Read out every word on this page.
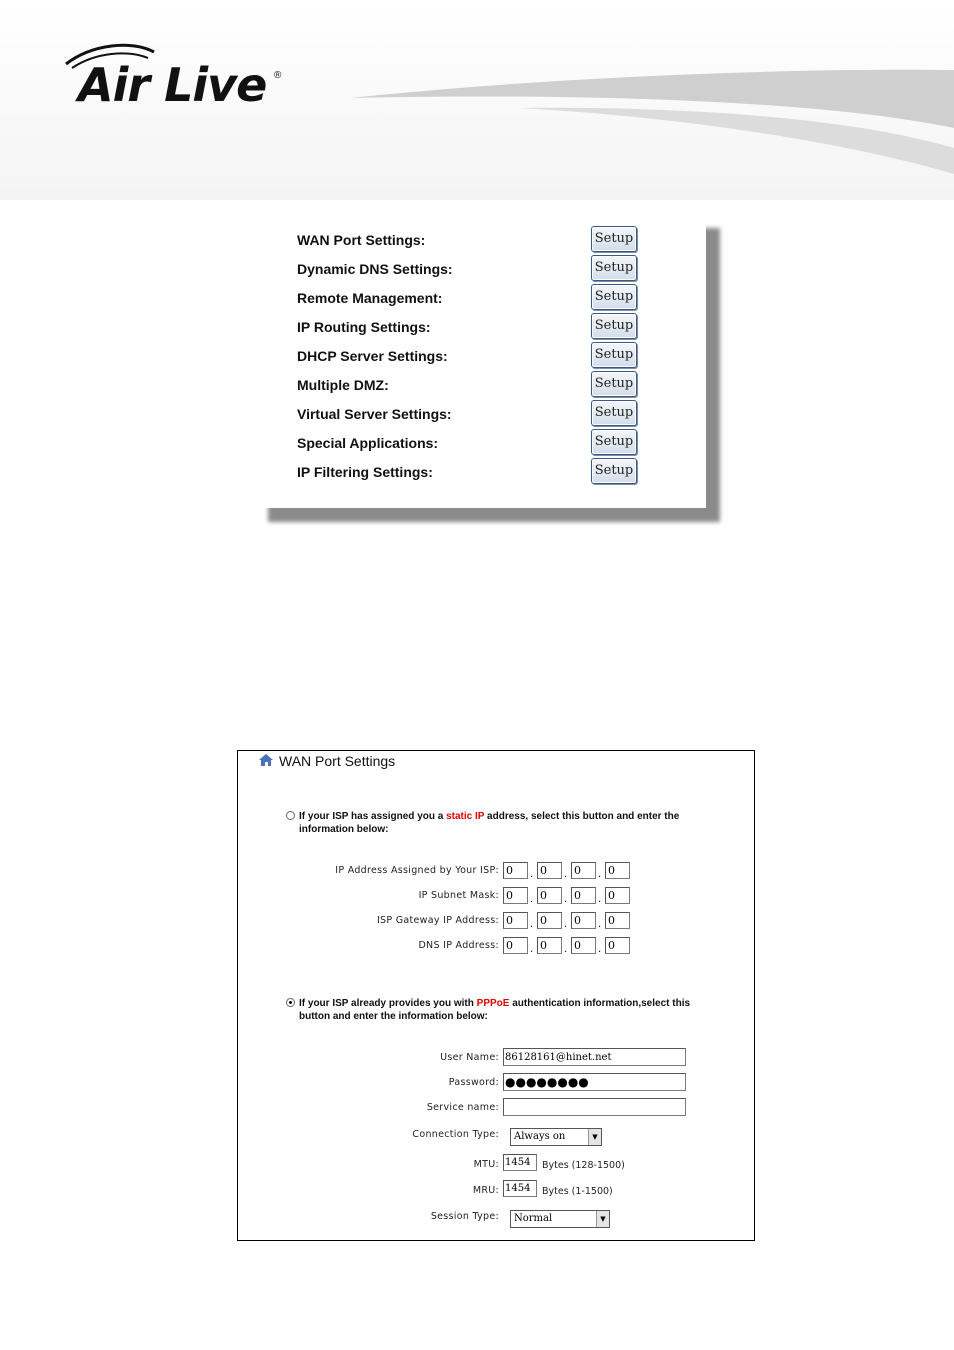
Air Live ®
WAN Port Settings:	Setup
Dynamic DNS Settings:	Setup
Remote Management:	Setup
IP Routing Settings:	Setup
DHCP Server Settings:	Setup
Multiple DMZ:	Setup
Virtual Server Settings:	Setup
Special Applications:	Setup
IP Filtering Settings:	Setup
WAN Port Settings
If your ISP has assigned you a static IP address, select this button and enter the information below:
IP Address Assigned by Your ISP:
0	.
0	.
0	.
0
IP Subnet Mask:
0	.
0	.
0	.
0
ISP Gateway IP Address:
0	.
0	.
0	.
0
DNS IP Address:
0	.
0	.
0	.
0
If your ISP already provides you with PPPoE authentication information,select this button and enter the information below:
User Name:
86128161@hinet.net
Password: ●●●●●●●●
Service name:
Connection Type:	Always on	▼
MTU:
1454	Bytes (128-1500)
MRU:
1454	Bytes (1-1500)
Session Type:	Normal	▼
